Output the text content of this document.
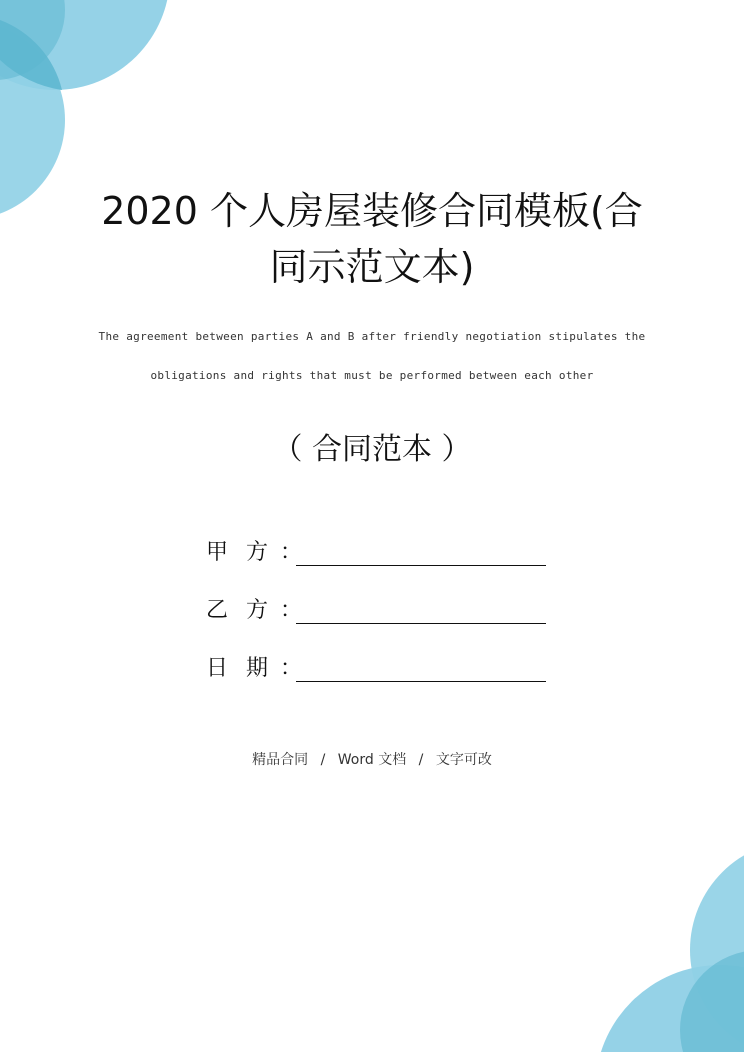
2020 个人房屋装修合同模板(合
同示范文本)
The agreement between parties A and B after friendly negotiation stipulates the
obligations and rights that must be performed between each other
（ 合同范本 ）
甲 方 ：
乙 方 ：
日 期 ：
精品合同 / Word 文档 / 文字可改
